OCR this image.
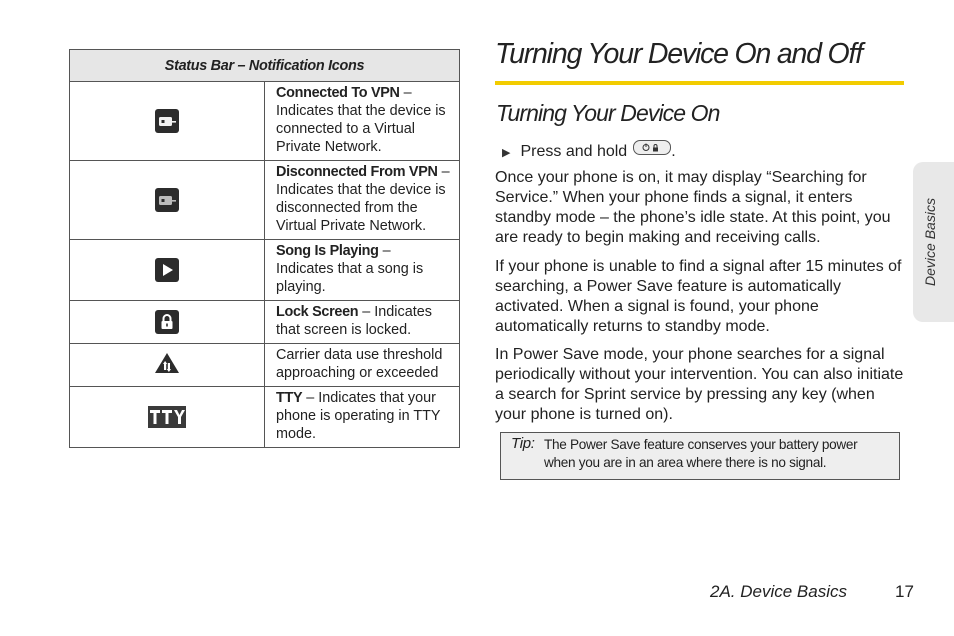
Status Bar – Notification Icons	

	Connected To VPN – Indicates that the device is connected to a Virtual Private Network.

	Disconnected From VPN – Indicates that the device is disconnected from the Virtual Private Network.

	Song Is Playing – Indicates that a song is playing.

	Lock Screen – Indicates that screen is locked.
	Carrier data use threshold approaching or exceeded
	TTY – Indicates that your phone is operating in TTY mode.
Turning Your Device On and Off
Turning Your Device On
▶ Press and hold	.

Once your phone is on, it may display “Searching for Service.” When your phone finds a signal, it enters standby mode – the phone’s idle state. At this point, you are ready to begin making and receiving calls.

If your phone is unable to find a signal after 15 minutes of searching, a Power Save feature is automatically activated. When a signal is found, your phone automatically returns to standby mode.

In Power Save mode, your phone searches for a signal periodically without your intervention. You can also initiate a search for Sprint service by pressing any key (when your phone is turned on).

Tip: The Power Save feature conserves your battery power when you are in an area where there is no signal.
Device Basics
2A. Device Basics	17
